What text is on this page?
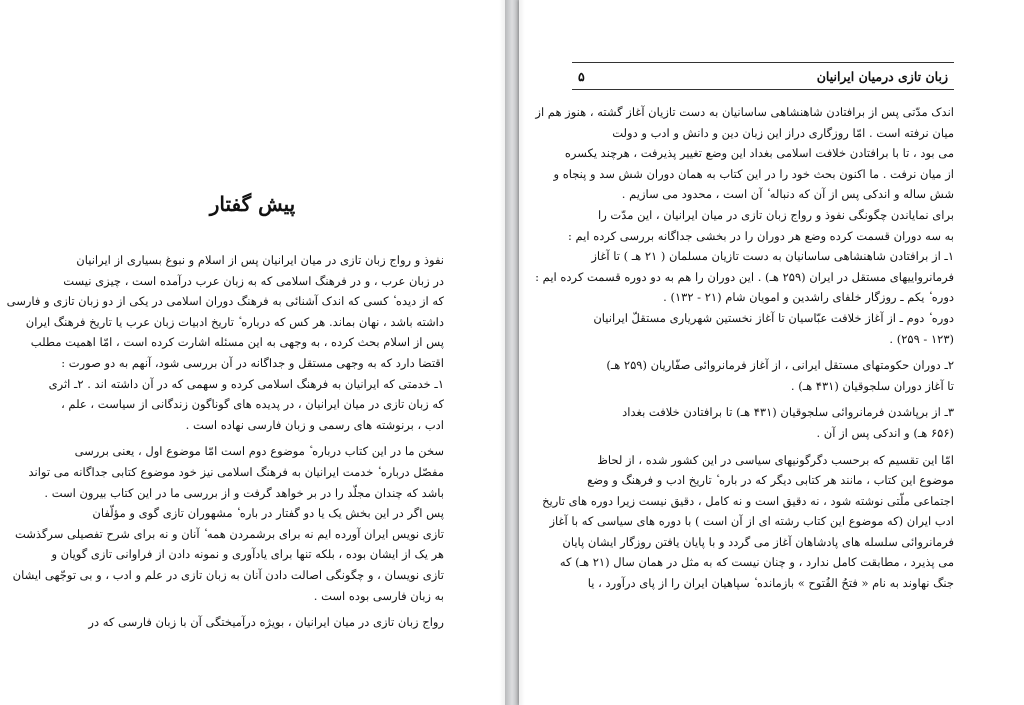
پیش گفتار
نفوذ و رواج زبان تازی در میان ایرانیان پس از اسلام و نبوغ بسیاری از ایرانیان
در زبان عرب ، و در فرهنگ اسلامی که به زبان عرب درآمده است ، چیزی نیست
که از دیده ٔ کسی که اندک آشنائی به فرهنگ دوران اسلامی در یکی از دو زبان تازی و فارسی
داشته باشد ، نهان بماند. هر کس که درباره ٔ تاریخ ادبیات زبان عرب یا تاریخ فرهنگ ایران
پس از اسلام بحث کرده ، به وجهی به این مسئله اشارت کرده است ، امّا اهمیت مطلب
اقتضا دارد که به وجهی مستقل و جداگانه در آن بررسی شود، آنهم به دو صورت :
۱ـ خدمتی که ایرانیان به فرهنگ اسلامی کرده و سهمی که در آن داشته اند . ۲ـ اثری
که زبان تازی در میان ایرانیان ، در پدیده های گوناگون زندگانی از سیاست ، علم ،
ادب ، برنوشته های رسمی و زبان فارسی نهاده است .
سخن ما در این کتاب درباره ٔ موضوع دوم است امّا موضوع اول ، یعنی بررسی
مفصّل درباره ٔ خدمت ایرانیان به فرهنگ اسلامی نیز خود موضوع کتابی جداگانه می تواند
باشد که چندان مجلّد را در بر خواهد گرفت و از بررسی ما در این کتاب بیرون است .
پس اگر در این بخش یک یا دو گفتار در باره ٔ مشهوران تازی گوی و مؤلّفان
تازی نویس ایران آورده ایم نه برای برشمردن همه ٔ آنان و نه برای شرح تفصیلی سرگذشت
هر یک از ایشان بوده ، بلکه تنها برای یادآوری و نمونه دادن از فراوانی تازی گویان و
تازی نویسان ، و چگونگی اصالت دادن آنان به زبان تازی در علم و ادب ، و بی توجّهی ایشان
به زبان فارسی بوده است .
رواج زبان تازی در میان ایرانیان ، بویژه درآمیختگی آن با زبان فارسی که در
زبان تازی درمیان ایرانیان
۵
اندک مدّتی پس از برافتادن شاهنشاهی ساسانیان به دست تازیان آغاز گشته ، هنوز هم از
میان نرفته است . امّا روزگاری دراز این زبان دین و دانش و ادب و دولت
می بود ، تا با برافتادن خلافت اسلامی بغداد این وضع تغییر پذیرفت ، هرچند یکسره
از میان نرفت . ما اکنون بحث خود را در این کتاب به همان دوران شش سد و پنجاه و
شش ساله و اندکی پس از آن که دنباله ٔ آن است ، محدود می سازیم .
برای نمایاندن چگونگی نفوذ و رواج زبان تازی در میان ایرانیان ، این مدّت را
به سه دوران قسمت کرده وضع هر دوران را در بخشی جداگانه بررسی کرده ایم :
۱ـ از برافتادن شاهنشاهی ساسانیان به دست تازیان مسلمان ( ۲۱ هـ ) تا آغاز
فرمانرواییهای مستقل در ایران (۲۵۹ هـ) . این دوران را هم به دو دوره قسمت کرده ایم :
دوره ٔ یکم ـ روزگار خلفای راشدین و امویان شام (۲۱ - ۱۳۲) .
دوره ٔ دوم ـ از آغاز خلافت عبّاسیان تا آغاز نخستین شهریاری مستقلّ ایرانیان
(۱۲۳ - ۲۵۹) .
۲ـ دوران حکومتهای مستقل ایرانی ، از آغاز فرمانروائی صفّاریان (۲۵۹ هـ)
تا آغاز دوران سلجوقیان (۴۳۱ هـ) .
۳ـ از برپاشدن فرمانروائی سلجوقیان (۴۳۱ هـ) تا برافتادن خلافت بغداد
(۶۵۶ هـ) و اندکی پس از آن .
امّا این تقسیم که برحسب دگرگونیهای سیاسی در این کشور شده ، از لحاظ
موضوع این کتاب ، مانند هر کتابی دیگر که در باره ٔ تاریخ ادب و فرهنگ و وضع
اجتماعی ملّتی نوشته شود ، نه دقیق است و نه کامل ، دقیق نیست زیرا دوره های تاریخ
ادب ایران (که موضوع این کتاب رشته ای از آن است ) با دوره های سیاسی که با آغاز
فرمانروائی سلسله های پادشاهان آغاز می گردد و با پایان یافتن روزگار ایشان پایان
می پذیرد ، مطابقت کامل ندارد ، و چنان نیست که به مثل در همان سال (۲۱ هـ) که
جنگ نهاوند به نام « فتحُ الفُتوح » بازمانده ٔ سپاهیان ایران را از پای درآورد ، یا
